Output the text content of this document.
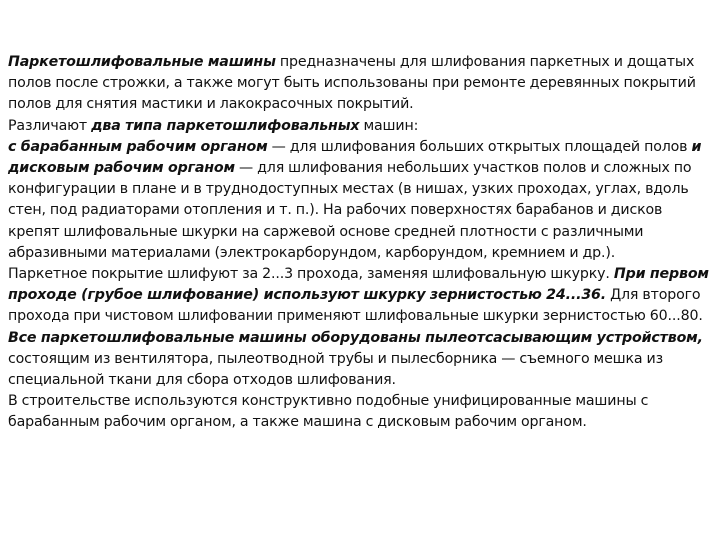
Паркетошлифовальные машины предназначены для шлифования паркетных и дощатых полов после строжки, а также могут быть использованы при ремонте деревянных покрытий полов для снятия мастики и лакокрасочных покрытий.

Различают два типа паркетошлифовальных машин:

с барабанным рабочим органом — для шлифования больших открытых площадей полов и дисковым рабочим органом — для шлифования небольших участков полов и сложных по конфигурации в плане и в труднодоступных местах (в нишах, узких проходах, углах, вдоль стен, под радиаторами отопления и т. п.). На рабочих поверхностях барабанов и дисков крепят шлифовальные шкурки на саржевой основе средней плотности с различными абразивными материалами (электрокарборундом, карборундом, кремнием и др.).

Паркетное покрытие шлифуют за 2...3 прохода, заменяя шлифовальную шкурку. При первом проходе (грубое шлифование) используют шкурку зернистостью 24...36. Для второго прохода при чистовом шлифовании применяют шлифовальные шкурки зернистостью 60...80. Все паркетошлифовальные машины оборудованы пылеотсасывающим устройством, состоящим из вентилятора, пылеотводной трубы и пылесборника — съемного мешка из специальной ткани для сбора отходов шлифования.

В строительстве используются конструктивно подобные унифицированные машины с барабанным рабочим органом, а также машина с дисковым рабочим органом.
